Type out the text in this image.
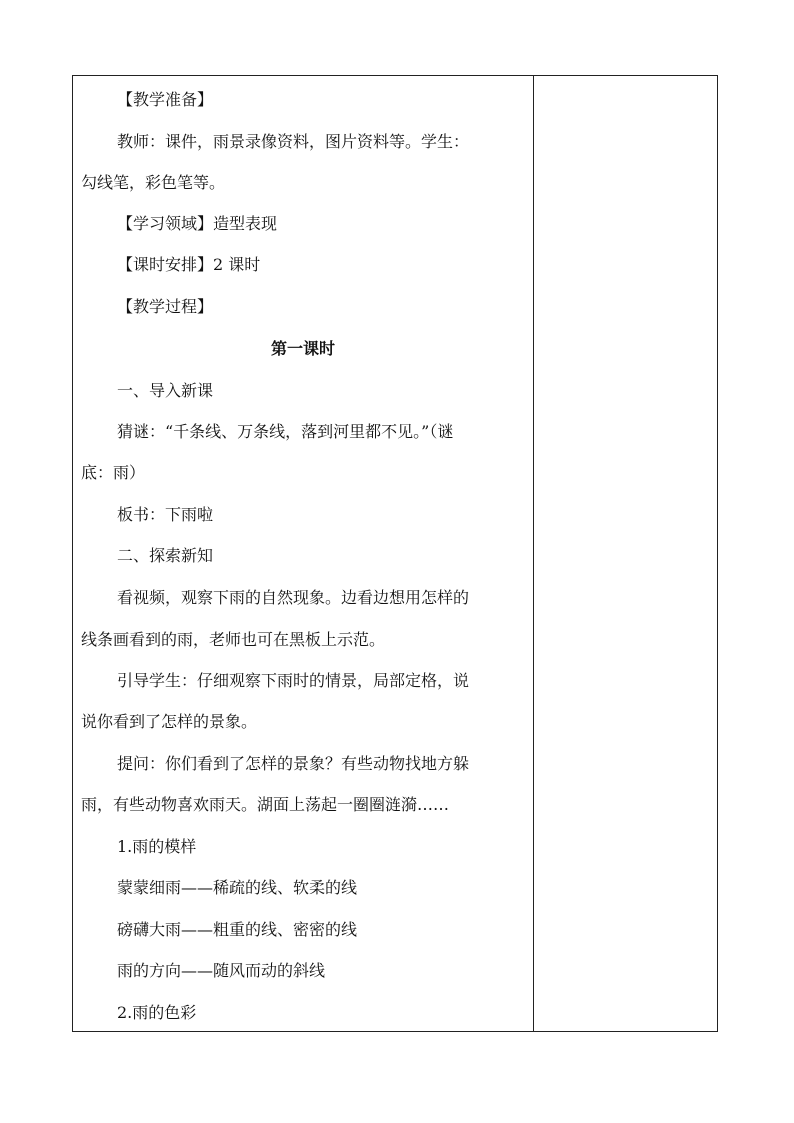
【教学准备】
教师：课件，雨景录像资料，图片资料等。学生：
勾线笔，彩色笔等。
【学习领域】造型表现
【课时安排】2 课时
【教学过程】
第一课时
一、导入新课
猜谜：“千条线、万条线，落到河里都不见。”（谜
底：雨）
板书：下雨啦
二、探索新知
看视频，观察下雨的自然现象。边看边想用怎样的
线条画看到的雨，老师也可在黑板上示范。
引导学生：仔细观察下雨时的情景，局部定格，说
说你看到了怎样的景象。
提问：你们看到了怎样的景象？有些动物找地方躲
雨，有些动物喜欢雨天。湖面上荡起一圈圈涟漪……
1.雨的模样
蒙蒙细雨——稀疏的线、软柔的线
磅礴大雨——粗重的线、密密的线
雨的方向——随风而动的斜线
2.雨的色彩
